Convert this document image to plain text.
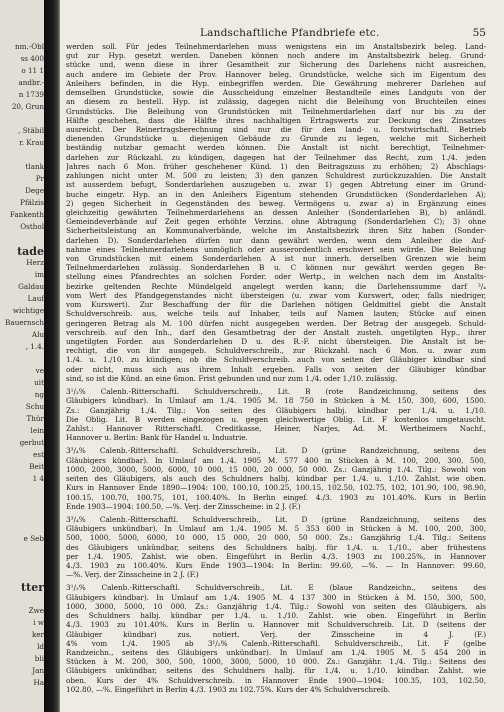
nm.-Obl
ss 400
o 11 1
andbr.-
n 1739
20, Grun
, Stäbil
r. Krau
tlank
Pr
Dege
Pfälzis
Fankenth
Osthol
tade
Herz
im
Galdau
Lauf
wichtige
Bauernsch
Alu
, 1.4.
ve
uit
ng
Schu
Thür
lein
gerbut
est
Beit
1 4
e Seb
tter
Zwe
i w
ker
ld
bli
Jan
Ha
Landschaftliche Pfandbriefe etc.	55
werden soll. Für jedes Teilnehmerdarlehen muss wenigstens ein im Anstaltsbezirk beleg. Land-
gut zur Hyp. gesetzt werden. Daneben können noch andere im Anstaltsbezirk beleg. Grund-
stücke und, wenn diese in ihrer Gesamtheit zur Sicherung des Darlehens nicht ausreichen,
auch andere im Gebiete der Prov. Hannover beleg. Grundstücke, welche sich im Eigentum des
Anleihers befinden, in die Hyp. einbegriffen werden. Die Gewährung mehrerer Darlehen auf
demselben Grundstücke, sowie die Ausscheidung einzelner Bestandteile eines Landguts von der
an diesem zu bestell. Hyp. ist zulässig, dagegen nicht die Beleihung von Bruchteilen eines
Grundstücks. Die Beleihung von Grundstücken mit Teilnehmerdarlehen darf nur bis zu der
Hälfte geschehen, dass die Hälfte ihres nachhaltigen Ertragswerts zur Deckung des Zinsatzes
ausreicht. Der Reinertragsberechnung sind nur die für den land- u. forstwirtschaftl. Betrieb
dienenden Grundstücke u. diejenigen Gebäude zu Grunde zu legen, welche mit Sicherheit
beständig nutzbar gemacht werden können. Die Anstalt ist nicht berechtigt, Teilnehmer-
darlehen zur Rückzahl. zu kündigen, dagegen hat der Teilnehmer das Recht, zum 1./4. jeden
Jahres nach 6 Mon. früher geschehener Künd. 1) den Beitragszuss zu erhöhen; 2) Abschlags-
zahlungen nicht unter M. 500 zu leisten; 3) den ganzen Schuldrest zurückzuzahlen. Die Anstalt
ist ausserdem befugt, Sonderdarlehen auszugeben u. zwar 1) gegen Abtretung einer im Grund-
buche eingetr. Hyp. an in den Anleihers Eigentum stehenden Grundstücken (Sonderdarlehen A);
2) gegen Sicherheit in Gegenständen des beweg. Vermögens u. zwar a) in Ergänzung eines
gleichzeitig gewährten Teilnehmerdarlehens an dessen Anleiher (Sonderdarlehen B), b) anländl.
Gemeindeverbände auf Zeit gegen erhöhte Verzins. ohne Abtragung (Sonderdarlehen C); 3) ohne
Sicherheitsleistung an Kommunalverbände, welche im Anstaltsbezirk ihren Sitz haben (Sonder-
darlehen D). Sonderdarlehen dürfen nur dann gewährt werden, wenn dem Anleiher die Auf-
nahme eines Teilnehmerdarlehens unmöglich oder ausserordentlich erschwert sein würde. Die Beleihung
von Grundstücken mit einem Sonderdarlehen A ist nur innerh. derselben Grenzen wie beim
Teilnehmerdarlehen zulässig. Sonderdarlehen B u. C können nur gewährt werden gegen Be-
stellung eines Pfandrechtes an solchen Forder. oder Wertp., in welchen nach dem im Anstalts-
bezirke geltenden Rechte Mündelgeld angelegt werden kann; die Darlehenssumme darf ³/₄
vom Wert des Pfandgegenstandes nicht übersteigen (u. zwar vom Kurswert, oder, falls niedriger,
vom Kurswert). Zur Beschaffung der für die Darlehen nötigen Geldmittel giebt die Anstalt
Schuldverschreib. aus, welche teils auf Inhaber, teils auf Namen lauten; Stücke auf einen
geringeren Betrag als M. 100 dürfen nicht ausgegeben werden. Der Betrag der ausgegeb. Schuld-
verschreib. auf den Inh., darf den Gesamtbetrag der der Anstalt zusteh. ungetilgten Hyp., ihrer
ungetilgten Forder. aus Sonderdarlehen D u. des R.-F. nicht übersteigen. Die Anstalt ist be-
rechtigt, die von ihr ausgegeb. Schuldverschreib., zur Rückzahl. nach 6 Mon. u. zwar zum
1./4. u. 1./10. zu kündigen; ob die Schuldverschreib. auch von seiten der Gläubiger kündbar sind
oder nicht, muss sich aus ihrem Inhalt ergeben. Falls von seiten der Gläubiger kündbar
sind, so ist die Künd. an eine 6mon. Frist gebunden und nur zum 1./4. oder 1./10. zulässig.
3¹/₂% Calenb.-Ritterschaftl. Schuldverschreib., Lit. B (rote Randzeichnung, seitens des
Gläubigers kündbar). In Umlauf am 1./4. 1905 M. 18 750 in Stücken à M. 150, 300, 600, 1500.
Zs.: Ganzjährig 1./4. Tilg.: Von seiten des Gläubigers halbj. kündbar per 1./4. u. 1./10.
Die Oblig. Lit. B werden eingezogen u. gegen gleichwertige Oblig. Lit. F kostenlos umgetauscht.
Zahlst.: Hannover Ritterschaftl. Creditkasse, Heiner, Narjes, Ad. M. Wertheimers Nachf.,
Hannover u. Berlin: Bank für Handel u. Industrie.
3³/₄% Calenb.-Ritterschaftl. Schuldverschreib., Lit. D (grüne Randzeichnung, seitens des
Gläubigers kündbar). In Umlauf am 1./4. 1905 M. 577 400 in Stücken à M. 100, 200, 300, 500,
1000, 2000, 3000, 5000, 6000, 10 000, 15 000, 20 000, 50 000. Zs.: Ganzjährig 1./4. Tilg.: Sowohl von
seiten des Gläubigers, als auch des Schuldners halbj. kündbar per 1./4. u. 1./10. Zahlst. wie oben.
Kurs in Hannover Ende 1890—1904: 100, 100.10, 100.25, 100.15, 102.50, 102.75, 102, 101.90, 100, 98.90,
100.15, 100.70, 100.75, 101, 100.40%. In Berlin eingef. 4./3. 1903 zu 101.40%. Kurs in Berlin
Ende 1903—1904: 100.50, —%. Verj. der Zinsscheine: in 2 J. (F.)
3³/₄% Calenb.-Ritterschaftl. Schuldverschreib., Lit. D (grüne Randzeichnung, seitens des
Gläubigers unkündbar). In Umlauf am 1./4. 1905 M. 5 353 600 in Stücken à M. 100, 200, 300,
500, 1000, 5000, 6000, 10 000, 15 000, 20 000, 50 000. Zs.: Ganzjährig 1./4. Tilg.: Seitens
des Gläubigers unkündbar, seitens des Schuldners halbj. für 1./4. u. 1./10., aber frühestens
per 1./4. 1905. Zahlst. wie oben. Eingeführt in Berlin 4./3. 1903 zu 100.25%, in Hannover
4./3. 1903 zu 100.40%. Kurs Ende 1903—1904: In Berlin: 99.60, —%. — In Hannover: 99.60,
—%. Verj. der Zinsscheine in 2 J. (F.)
3¹/₂% Calenb.-Ritterschaftl. Schuldverschreib., Lit. E (blaue Randzeichn., seitens des
Gläubigers kündbar). In Umlauf am 1./4. 1905 M. 4 137 300 in Stücken à M. 150, 300, 500,
1000, 3000, 5000, 10 000. Zs.: Ganzjährig 1./4. Tilg.: Sowohl von seiten des Gläubigers, als
des Schuldners halbj. kündbar per 1./4. u. 1./10. Zahlst. wie oben. Eingeführt in Berlin
4./3. 1903 zu 101.40%. Kurs in Berlin u. Hannover mit Schuldverschreib. Lit. D (seitens der
Gläubiger kündbar) zus. notiert. Verj. der Zinsscheine in 4 J. (F.)
4% vom 1./4. 1905 ab 3¹/₂% Calenb.-Ritterschaftl. Schuldverschreib., Lit. F (gelbe
Randzeichn., seitens des Gläubigers unkündbar). In Umlauf am 1./4. 1905 M. 5 454 200 in
Stücken à M. 200, 300, 500, 1000, 3000, 5000, 10 000. Zs.: Ganzjähr. 1./4. Tilg.: Seitens des
Gläubigers unkündbar, seitens des Schuldners halbj. für 1./4. u. 1./10. kündbar. Zahlst. wie
oben. Kurs der 4% Schuldverschreib. in Hannover Ende 1900—1904: 100.35, 103, 102.50,
102.80, —%. Eingeführt in Berlin 4./3. 1903 zu 102.75%. Kurs der 4% Schuldverschreib.
